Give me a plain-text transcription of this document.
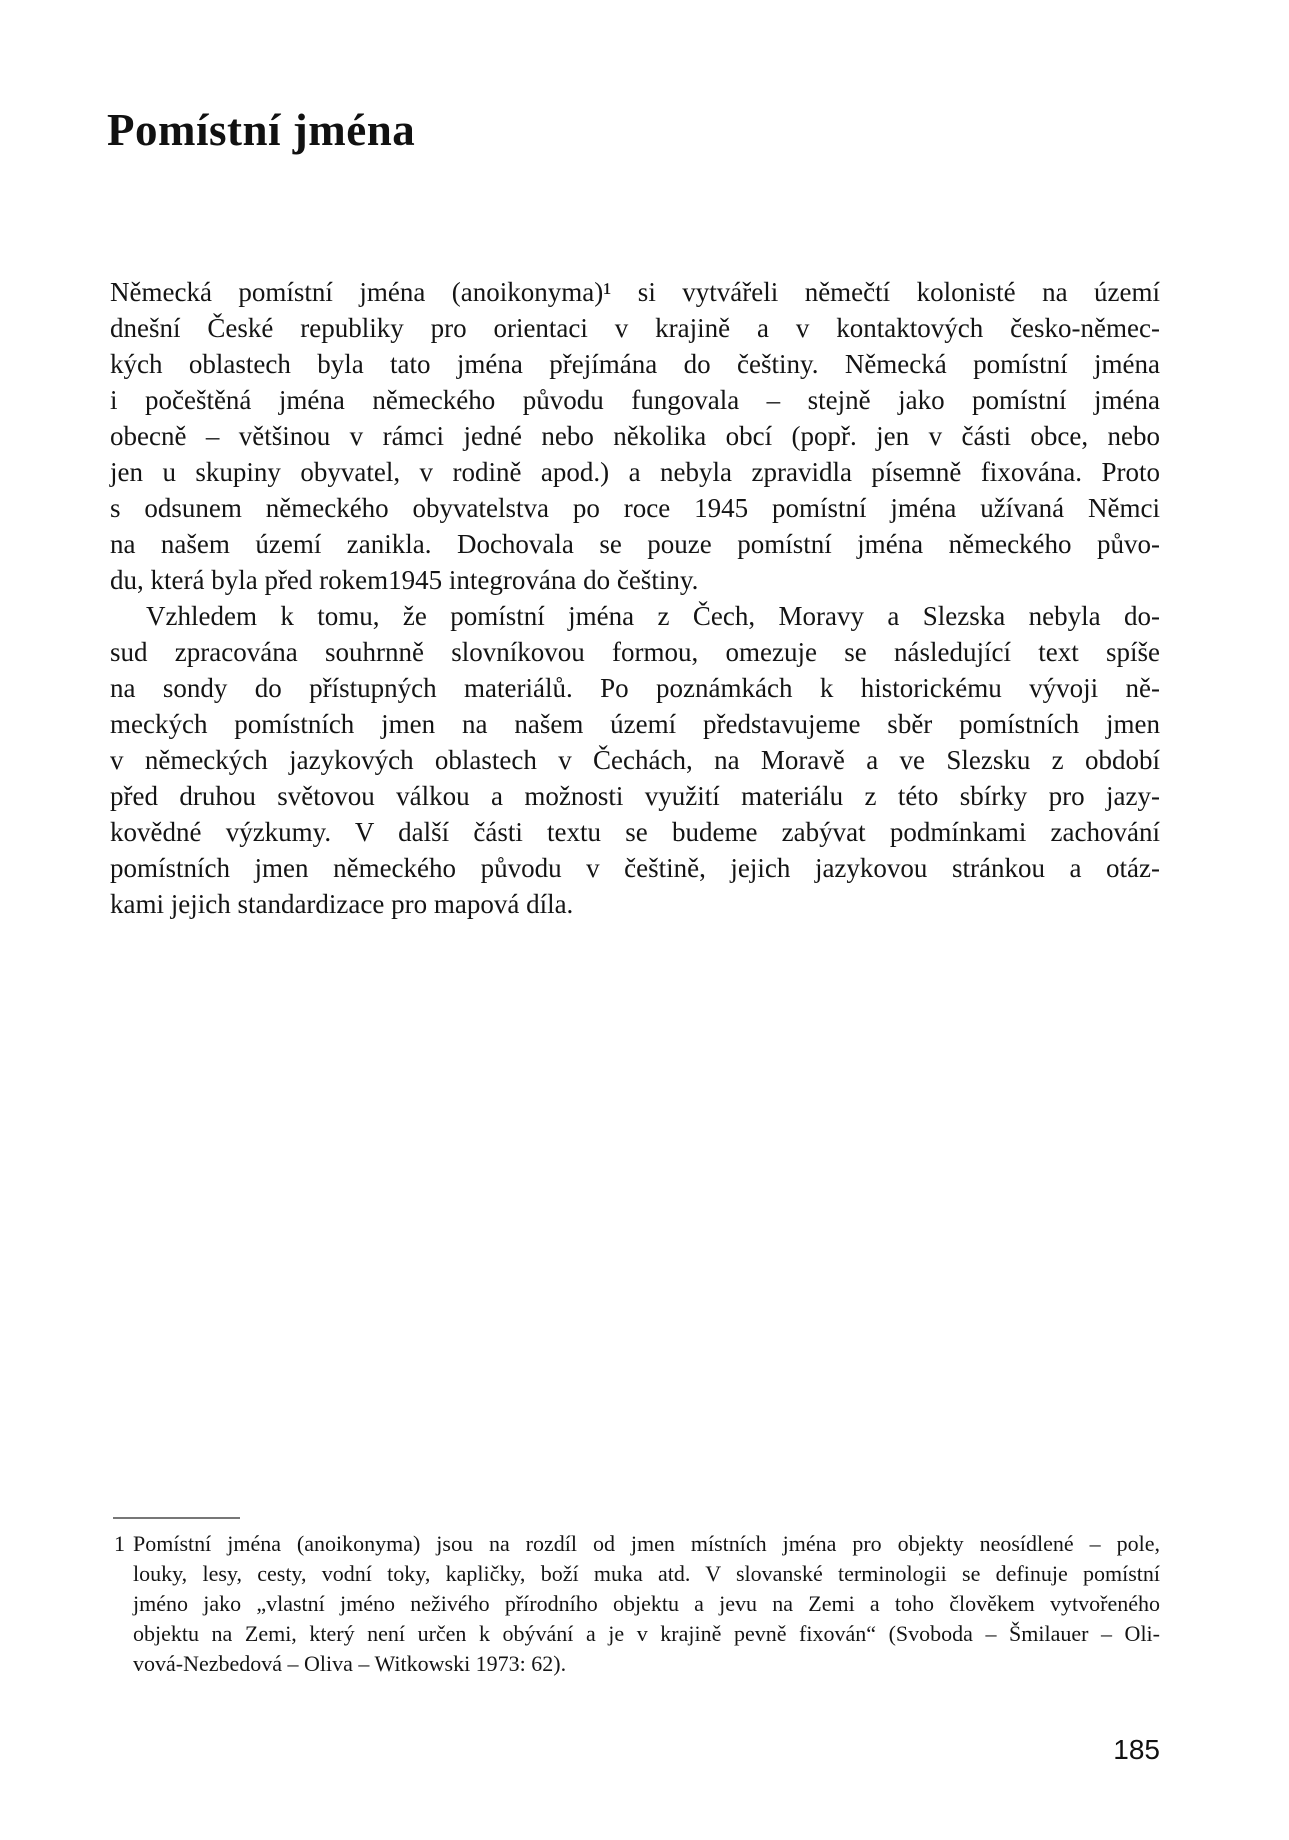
Pomístní jména
Německá pomístní jména (anoikonyma)¹ si vytvářeli němečtí kolonisté na území
dnešní České republiky pro orientaci v krajině a v kontaktových česko-němec-
kých oblastech byla tato jména přejímána do češtiny. Německá pomístní jména
i počeštěná jména německého původu fungovala – stejně jako pomístní jména
obecně – většinou v rámci jedné nebo několika obcí (popř. jen v části obce, nebo
jen u skupiny obyvatel, v rodině apod.) a nebyla zpravidla písemně fixována. Proto
s odsunem německého obyvatelstva po roce 1945 pomístní jména užívaná Němci
na našem území zanikla. Dochovala se pouze pomístní jména německého půvo-
du, která byla před rokem1945 integrována do češtiny.
Vzhledem k tomu, že pomístní jména z Čech, Moravy a Slezska nebyla do-
sud zpracována souhrnně slovníkovou formou, omezuje se následující text spíše
na sondy do přístupných materiálů. Po poznámkách k historickému vývoji ně-
meckých pomístních jmen na našem území představujeme sběr pomístních jmen
v německých jazykových oblastech v Čechách, na Moravě a ve Slezsku z období
před druhou světovou válkou a možnosti využití materiálu z této sbírky pro jazy-
kovědné výzkumy. V další části textu se budeme zabývat podmínkami zachování
pomístních jmen německého původu v češtině, jejich jazykovou stránkou a otáz-
kami jejich standardizace pro mapová díla.
1 Pomístní jména (anoikonyma) jsou na rozdíl od jmen místních jména pro objekty neosídlené – pole,
louky, lesy, cesty, vodní toky, kapličky, boží muka atd. V slovanské terminologii se definuje pomístní
jméno jako „vlastní jméno neživého přírodního objektu a jevu na Zemi a toho člověkem vytvořeného
objektu na Zemi, který není určen k obývání a je v krajině pevně fixován“ (Svoboda – Šmilauer – Oli-
vová-Nezbedová – Oliva – Witkowski 1973: 62).
185
